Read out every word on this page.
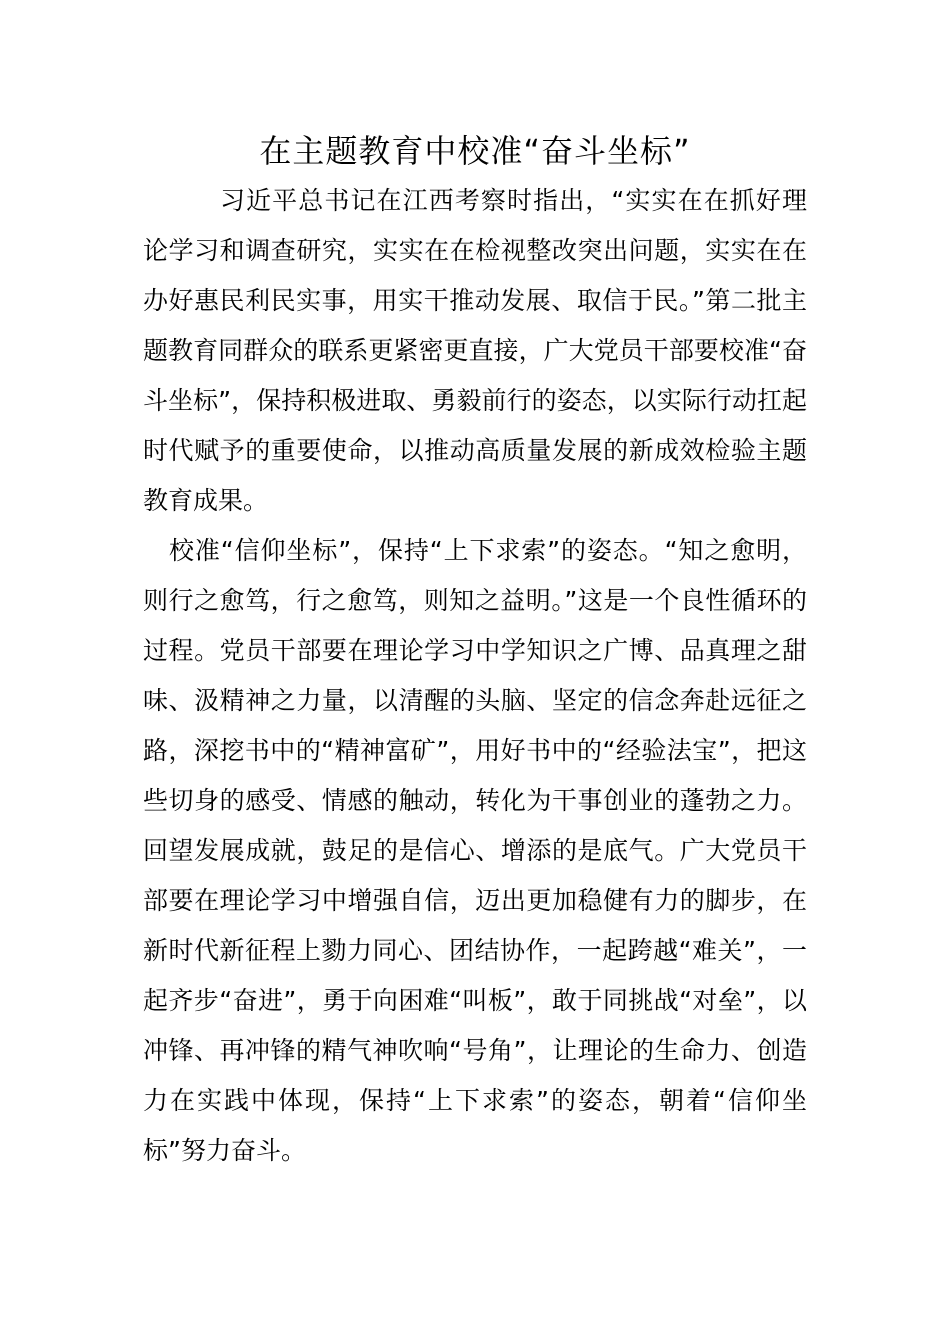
在主题教育中校准“奋斗坐标”

习近平总书记在江西考察时指出，“实实在在抓好理论学习和调查研究，实实在在检视整改突出问题，实实在在办好惠民利民实事，用实干推动发展、取信于民。”第二批主题教育同群众的联系更紧密更直接，广大党员干部要校准“奋斗坐标”，保持积极进取、勇毅前行的姿态，以实际行动扛起时代赋予的重要使命，以推动高质量发展的新成效检验主题教育成果。

校准“信仰坐标”，保持“上下求索”的姿态。“知之愈明，则行之愈笃，行之愈笃，则知之益明。”这是一个良性循环的过程。党员干部要在理论学习中学知识之广博、品真理之甜味、汲精神之力量，以清醒的头脑、坚定的信念奔赴远征之路，深挖书中的“精神富矿”，用好书中的“经验法宝”，把这些切身的感受、情感的触动，转化为干事创业的蓬勃之力。回望发展成就，鼓足的是信心、增添的是底气。广大党员干部要在理论学习中增强自信，迈出更加稳健有力的脚步，在新时代新征程上勠力同心、团结协作，一起跨越“难关”，一起齐步“奋进”，勇于向困难“叫板”，敢于同挑战“对垒”，以冲锋、再冲锋的精气神吹响“号角”，让理论的生命力、创造力在实践中体现，保持“上下求索”的姿态，朝着“信仰坐标”努力奋斗。
